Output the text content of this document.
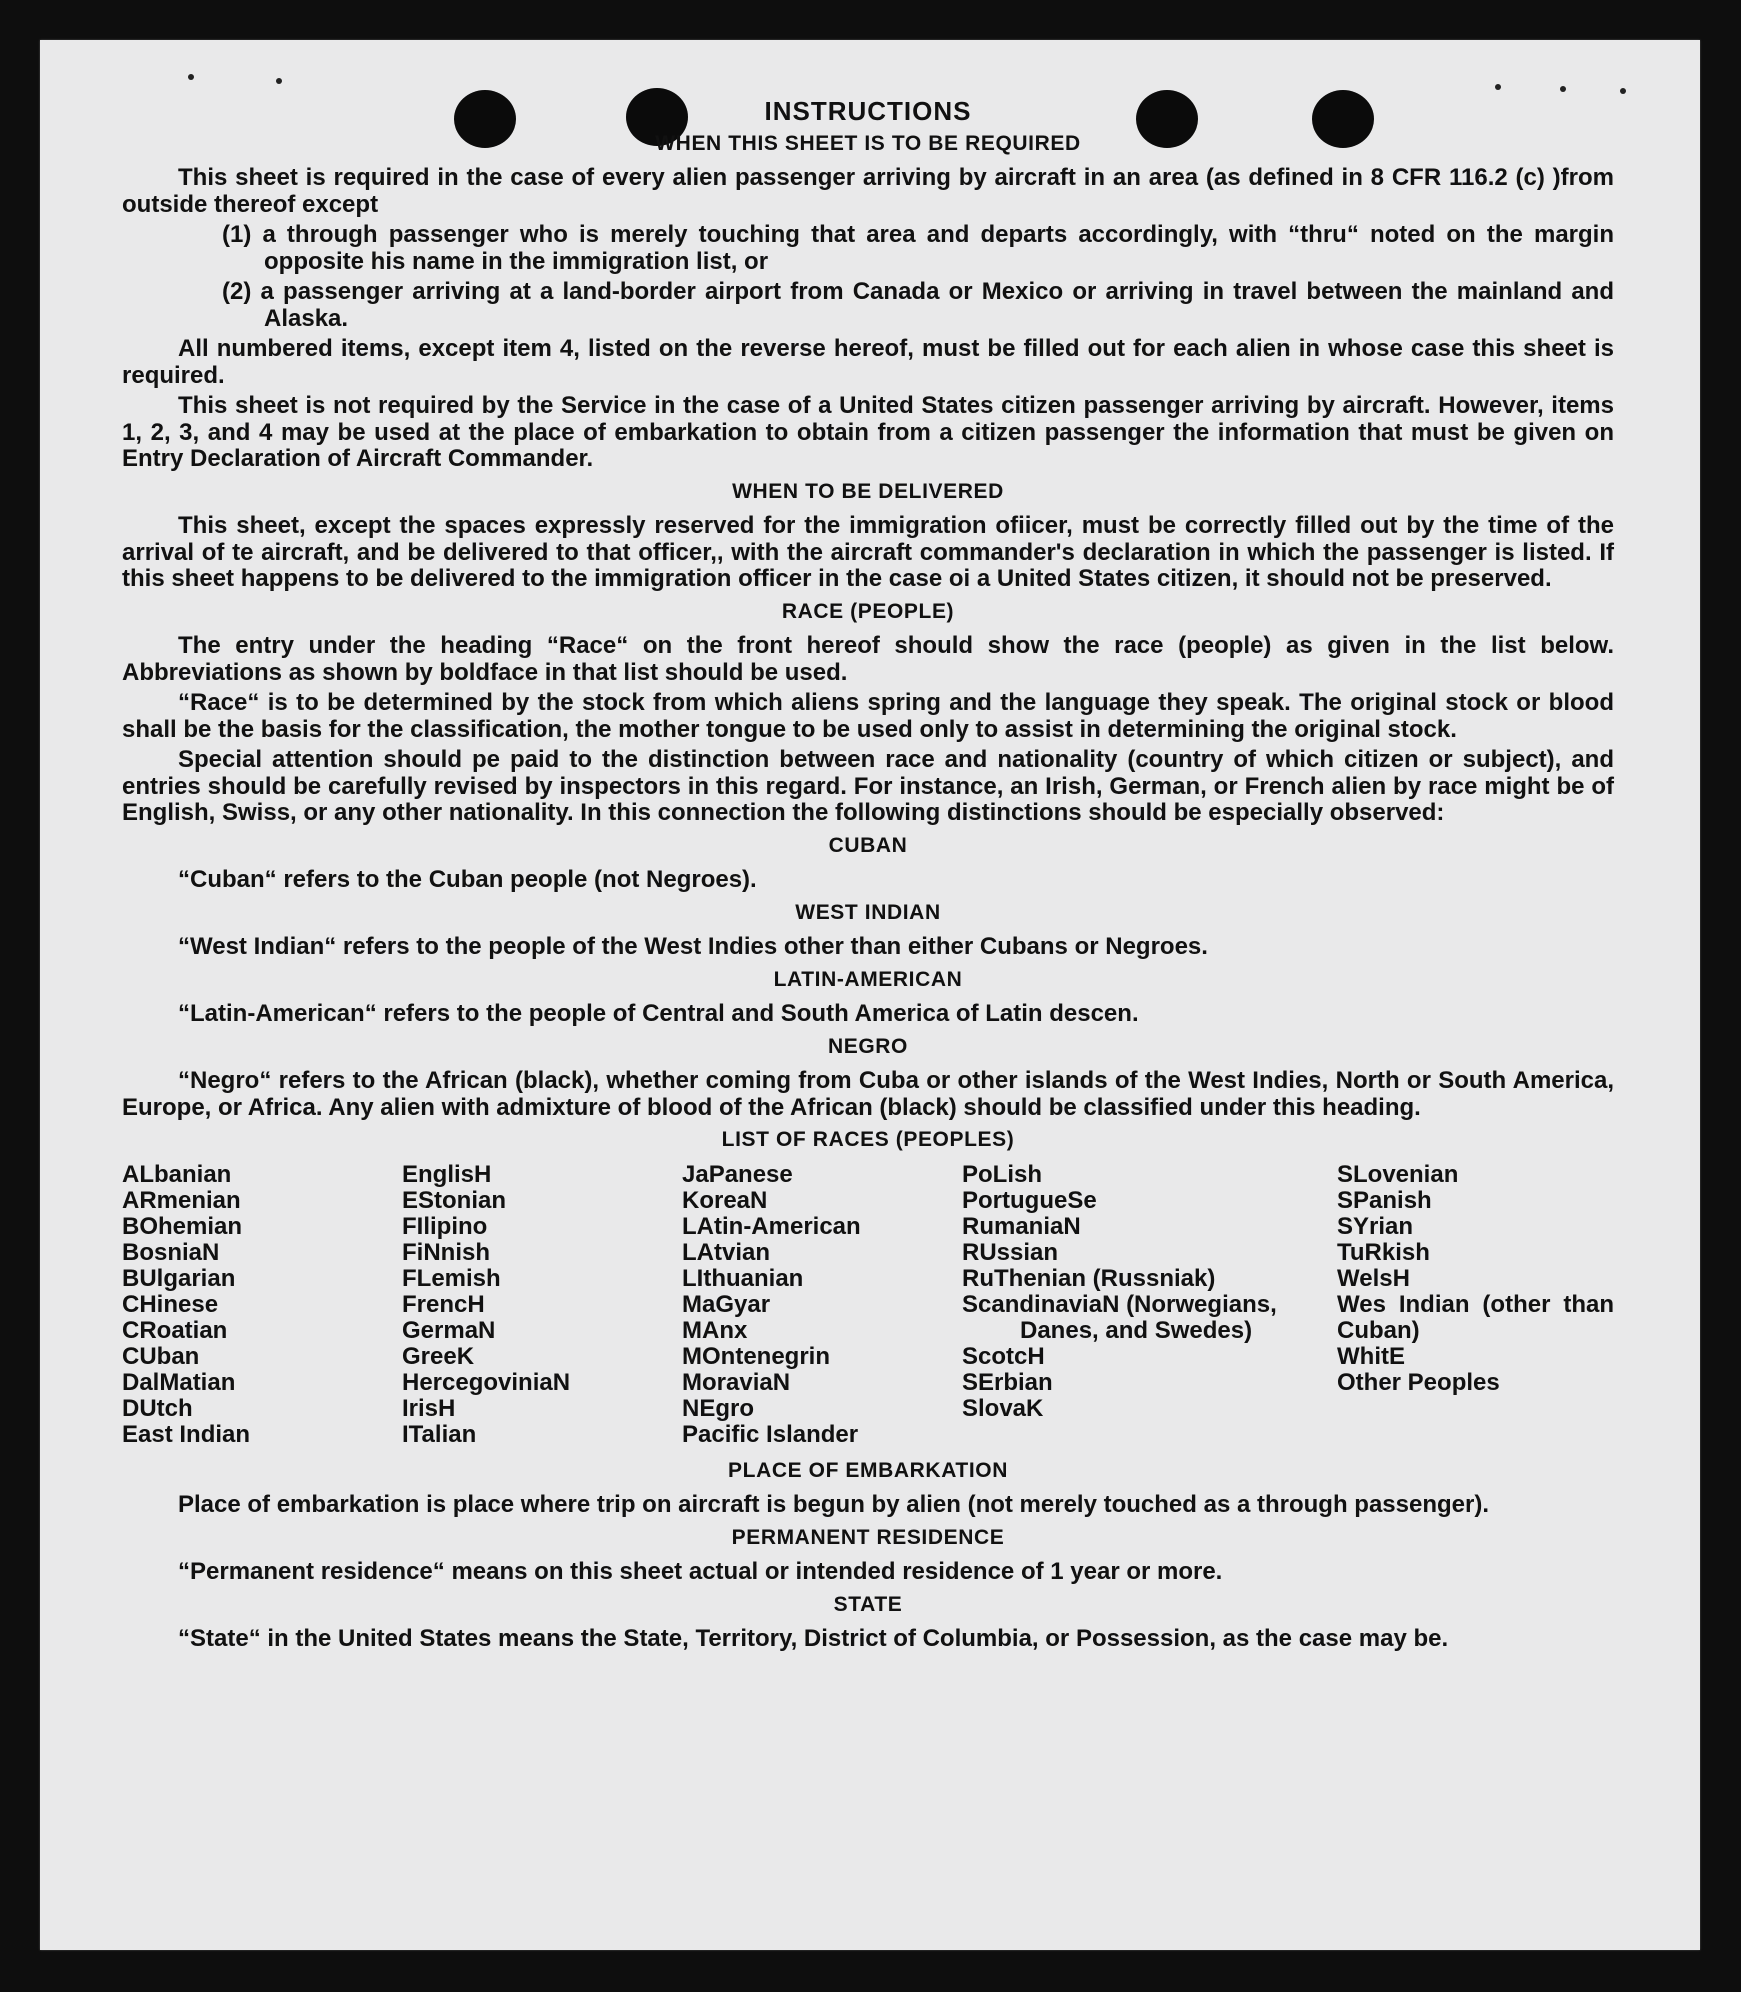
INSTRUCTIONS
WHEN THIS SHEET IS TO BE REQUIRED

This sheet is required in the case of every alien passenger arriving by aircraft in an area (as defined in 8 CFR 116.2 (c) )from outside thereof except

(1) a through passenger who is merely touching that area and departs accordingly, with “thru“ noted on the margin opposite his name in the immigration list, or
(2) a passenger arriving at a land-border airport from Canada or Mexico or arriving in travel between the mainland and Alaska.

All numbered items, except item 4, listed on the reverse hereof, must be filled out for each alien in whose case this sheet is required.

This sheet is not required by the Service in the case of a United States citizen passenger arriving by aircraft. However, items 1, 2, 3, and 4 may be used at the place of embarkation to obtain from a citizen passenger the information that must be given on Entry Declaration of Aircraft Commander.

WHEN TO BE DELIVERED

This sheet, except the spaces expressly reserved for the immigration ofiicer, must be correctly filled out by the time of the arrival of te aircraft, and be delivered to that officer,, with the aircraft commander's declaration in which the passenger is listed. If this sheet happens to be delivered to the immigration officer in the case oi a United States citizen, it should not be preserved.

RACE (PEOPLE)

The entry under the heading “Race“ on the front hereof should show the race (people) as given in the list below. Abbreviations as shown by boldface in that list should be used.

“Race“ is to be determined by the stock from which aliens spring and the language they speak. The original stock or blood shall be the basis for the classification, the mother tongue to be used only to assist in determining the original stock.

Special attention should pe paid to the distinction between race and nationality (country of which citizen or subject), and entries should be carefully revised by inspectors in this regard. For instance, an Irish, German, or French alien by race might be of English, Swiss, or any other nationality. In this connection the following distinctions should be especially observed:

CUBAN

“Cuban“ refers to the Cuban people (not Negroes).

WEST INDIAN

“West Indian“ refers to the people of the West Indies other than either Cubans or Negroes.

LATIN-AMERICAN

“Latin-American“ refers to the people of Central and South America of Latin descen.

NEGRO

“Negro“ refers to the African (black), whether coming from Cuba or other islands of the West Indies, North or South America, Europe, or Africa. Any alien with admixture of blood of the African (black) should be classified under this heading.

LIST OF RACES (PEOPLES)
ALbanian
ARmenian
BOhemian
BosniaN
BUlgarian
CHinese
CRoatian
CUban
DalMatian
DUtch
East Indian
EnglisH
EStonian
FIlipino
FiNnish
FLemish
FrencH
GermaN
GreeK
HercegoviniaN
IrisH
ITalian
JaPanese
KoreaN
LAtin-American
LAtvian
LIthuanian
MaGyar
MAnx
MOntenegrin
MoraviaN
NEgro
Pacific Islander
PoLish
PortugueSe
RumaniaN
RUssian
RuThenian (Russniak)
ScandinaviaN (Norwegians, Danes, and Swedes)
ScotcH
SErbian
SlovaK
SLovenian
SPanish
SYrian
TuRkish
WelsH
Wes Indian (other than Cuban)
WhitE
Other Peoples
PLACE OF EMBARKATION

Place of embarkation is place where trip on aircraft is begun by alien (not merely touched as a through passenger).

PERMANENT RESIDENCE

“Permanent residence“ means on this sheet actual or intended residence of 1 year or more.

STATE

“State“ in the United States means the State, Territory, District of Columbia, or Possession, as the case may be.
